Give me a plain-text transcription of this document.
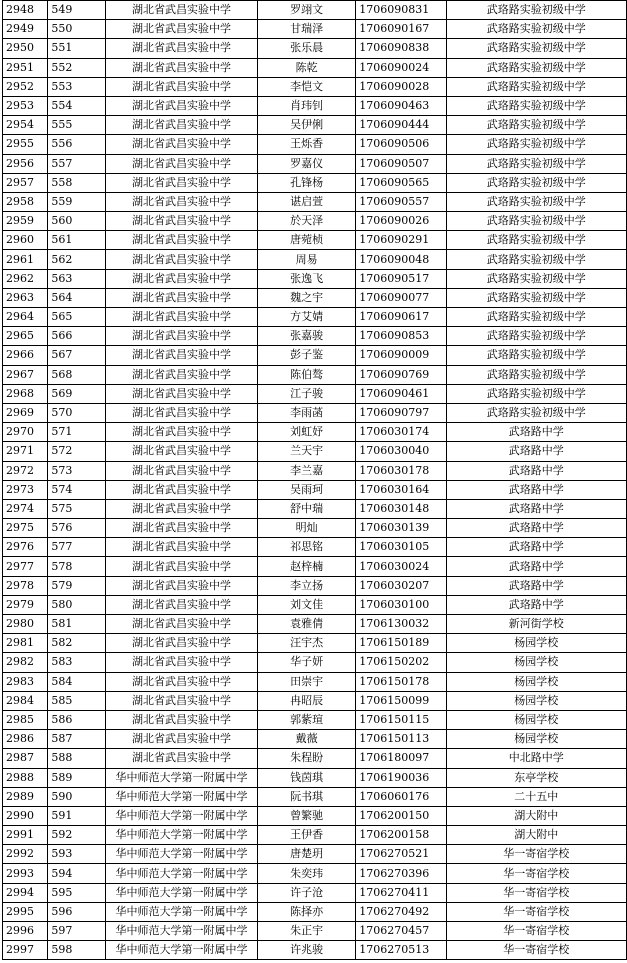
2948	549	湖北省武昌实验中学	罗翊文	1706090831	武珞路实验初级中学
2949	550	湖北省武昌实验中学	甘瑞泽	1706090167	武珞路实验初级中学
2950	551	湖北省武昌实验中学	张乐晨	1706090838	武珞路实验初级中学
2951	552	湖北省武昌实验中学	陈乾	1706090024	武珞路实验初级中学
2952	553	湖北省武昌实验中学	李恺文	1706090028	武珞路实验初级中学
2953	554	湖北省武昌实验中学	肖玮钊	1706090463	武珞路实验初级中学
2954	555	湖北省武昌实验中学	吴伊俐	1706090444	武珞路实验初级中学
2955	556	湖北省武昌实验中学	王烁香	1706090506	武珞路实验初级中学
2956	557	湖北省武昌实验中学	罗嘉仪	1706090507	武珞路实验初级中学
2957	558	湖北省武昌实验中学	孔锋杨	1706090565	武珞路实验初级中学
2958	559	湖北省武昌实验中学	谌启萱	1706090557	武珞路实验初级中学
2959	560	湖北省武昌实验中学	於天泽	1706090026	武珞路实验初级中学
2960	561	湖北省武昌实验中学	唐菀桢	1706090291	武珞路实验初级中学
2961	562	湖北省武昌实验中学	周易	1706090048	武珞路实验初级中学
2962	563	湖北省武昌实验中学	张逸飞	1706090517	武珞路实验初级中学
2963	564	湖北省武昌实验中学	魏之宇	1706090077	武珞路实验初级中学
2964	565	湖北省武昌实验中学	方艾婧	1706090617	武珞路实验初级中学
2965	566	湖北省武昌实验中学	张嘉骏	1706090853	武珞路实验初级中学
2966	567	湖北省武昌实验中学	彭子鉴	1706090009	武珞路实验初级中学
2967	568	湖北省武昌实验中学	陈伯骜	1706090769	武珞路实验初级中学
2968	569	湖北省武昌实验中学	江子骏	1706090461	武珞路实验初级中学
2969	570	湖北省武昌实验中学	李雨菡	1706090797	武珞路实验初级中学
2970	571	湖北省武昌实验中学	刘虹妤	1706030174	武珞路中学
2971	572	湖北省武昌实验中学	兰天宇	1706030040	武珞路中学
2972	573	湖北省武昌实验中学	李兰嘉	1706030178	武珞路中学
2973	574	湖北省武昌实验中学	吴雨珂	1706030164	武珞路中学
2974	575	湖北省武昌实验中学	舒中瑞	1706030148	武珞路中学
2975	576	湖北省武昌实验中学	明灿	1706030139	武珞路中学
2976	577	湖北省武昌实验中学	祁思铭	1706030105	武珞路中学
2977	578	湖北省武昌实验中学	赵梓楠	1706030024	武珞路中学
2978	579	湖北省武昌实验中学	李立扬	1706030207	武珞路中学
2979	580	湖北省武昌实验中学	刘文佳	1706030100	武珞路中学
2980	581	湖北省武昌实验中学	袁雅倩	1706130032	新河街学校
2981	582	湖北省武昌实验中学	汪宇杰	1706150189	杨园学校
2982	583	湖北省武昌实验中学	华子妍	1706150202	杨园学校
2983	584	湖北省武昌实验中学	田崇宇	1706150178	杨园学校
2984	585	湖北省武昌实验中学	冉昭辰	1706150099	杨园学校
2985	586	湖北省武昌实验中学	郭紫瑄	1706150115	杨园学校
2986	587	湖北省武昌实验中学	戴薇	1706150113	杨园学校
2987	588	湖北省武昌实验中学	朱程盼	1706180097	中北路中学
2988	589	华中师范大学第一附属中学	钱茵琪	1706190036	东亭学校
2989	590	华中师范大学第一附属中学	阮书琪	1706060176	二十五中
2990	591	华中师范大学第一附属中学	曾繁驰	1706200150	湖大附中
2991	592	华中师范大学第一附属中学	王伊香	1706200158	湖大附中
2992	593	华中师范大学第一附属中学	唐楚玥	1706270521	华一寄宿学校
2993	594	华中师范大学第一附属中学	朱奕玮	1706270396	华一寄宿学校
2994	595	华中师范大学第一附属中学	许子沧	1706270411	华一寄宿学校
2995	596	华中师范大学第一附属中学	陈择亦	1706270492	华一寄宿学校
2996	597	华中师范大学第一附属中学	朱正宇	1706270457	华一寄宿学校
2997	598	华中师范大学第一附属中学	许兆骏	1706270513	华一寄宿学校
